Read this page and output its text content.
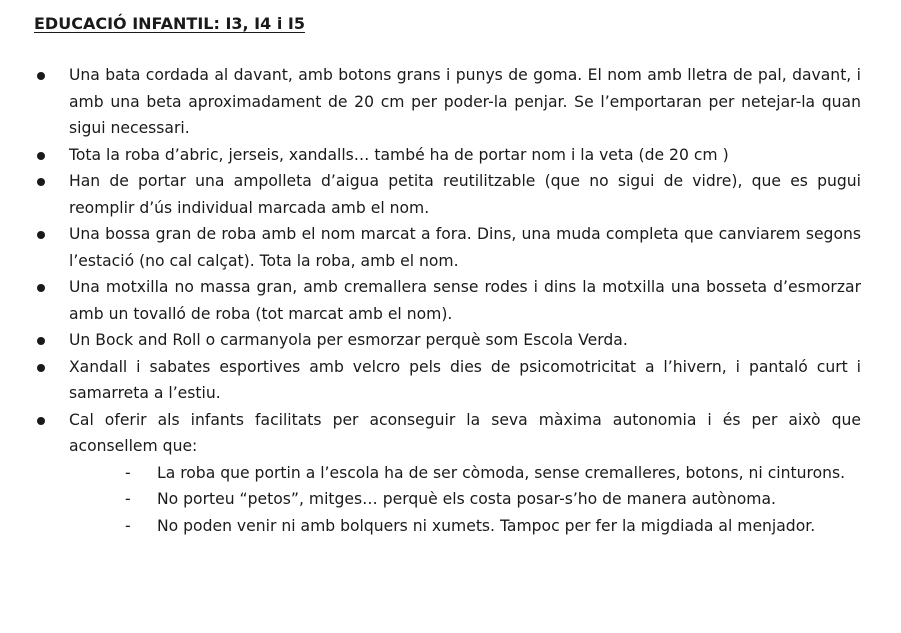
EDUCACIÓ INFANTIL: I3, I4 i I5
Una bata cordada al davant, amb botons grans i punys de goma. El nom amb lletra de pal, davant, i amb una beta aproximadament de 20 cm per poder-la penjar. Se l’emportaran per netejar-la quan sigui necessari.
Tota la roba d’abric, jerseis, xandalls… també ha de portar nom i la veta (de 20 cm )
Han de portar una ampolleta d’aigua petita reutilitzable (que no sigui de vidre), que es pugui reomplir d’ús individual marcada amb el nom.
Una bossa gran de roba amb el nom marcat a fora. Dins, una muda completa que canviarem segons l’estació (no cal calçat). Tota la roba, amb el nom.
Una motxilla no massa gran, amb cremallera sense rodes i dins la motxilla una bosseta d’esmorzar amb un tovalló de roba (tot marcat amb el nom).
Un Bock and Roll o carmanyola per esmorzar perquè som Escola Verda.
Xandall i sabates esportives amb velcro pels dies de psicomotricitat a l’hivern, i pantaló curt i samarreta a l’estiu.
Cal oferir als infants facilitats per aconseguir la seva màxima autonomia i és per això que aconsellem que:
- La roba que portin a l’escola ha de ser còmoda, sense cremalleres, botons, ni cinturons.
- No porteu “petos”, mitges… perquè els costa posar-s’ho de manera autònoma.
- No poden venir ni amb bolquers ni xumets. Tampoc per fer la migdiada al menjador.
